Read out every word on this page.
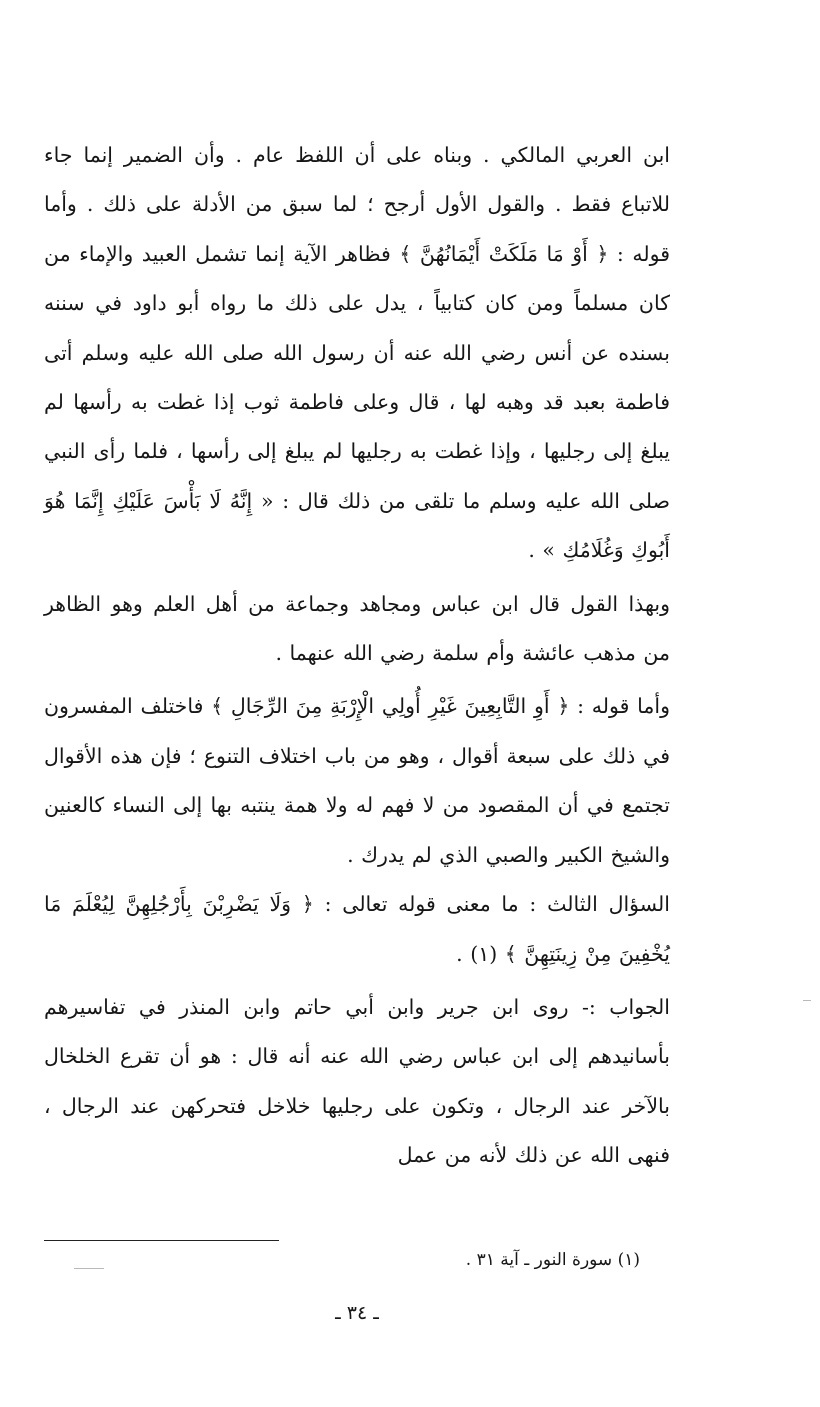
ابن العربي المالكي . وبناه على أن اللفظ عام . وأن الضمير إنما جاء للاتباع فقط . والقول الأول أرجح ؛ لما سبق من الأدلة على ذلك . وأما قوله : ﴿ أَوْ مَا مَلَكَتْ أَيْمَانُهُنَّ ﴾ فظاهر الآية إنما تشمل العبيد والإماء من كان مسلماً ومن كان كتابياً ، يدل على ذلك ما رواه أبو داود في سننه بسنده عن أنس رضي الله عنه أن رسول الله صلى الله عليه وسلم أتى فاطمة بعبد قد وهبه لها ، قال وعلى فاطمة ثوب إذا غطت به رأسها لم يبلغ إلى رجليها ، وإذا غطت به رجليها لم يبلغ إلى رأسها ، فلما رأى النبي صلى الله عليه وسلم ما تلقى من ذلك قال : « إِنَّهُ لَا بَأْسَ عَلَيْكِ إِنَّمَا هُوَ أَبُوكِ وَغُلَامُكِ » .

وبهذا القول قال ابن عباس ومجاهد وجماعة من أهل العلم وهو الظاهر من مذهب عائشة وأم سلمة رضي الله عنهما .

وأما قوله : ﴿ أَوِ التَّابِعِينَ غَيْرِ أُولِي الْإِرْبَةِ مِنَ الرِّجَالِ ﴾ فاختلف المفسرون في ذلك على سبعة أقوال ، وهو من باب اختلاف التنوع ؛ فإن هذه الأقوال تجتمع في أن المقصود من لا فهم له ولا همة ينتبه بها إلى النساء كالعنين والشيخ الكبير والصبي الذي لم يدرك .

السؤال الثالث : ما معنى قوله تعالى : ﴿ وَلَا يَضْرِبْنَ بِأَرْجُلِهِنَّ لِيُعْلَمَ مَا يُخْفِينَ مِنْ زِينَتِهِنَّ ﴾ (١) .

الجواب :- روى ابن جرير وابن أبي حاتم وابن المنذر في تفاسيرهم بأسانيدهم إلى ابن عباس رضي الله عنه أنه قال : هو أن تقرع الخلخال بالآخر عند الرجال ، وتكون على رجليها خلاخل فتحركهن عند الرجال ، فنهى الله عن ذلك لأنه من عمل

(١) سورة النور ـ آية ٣١ .

ـ ٣٤ ـ
